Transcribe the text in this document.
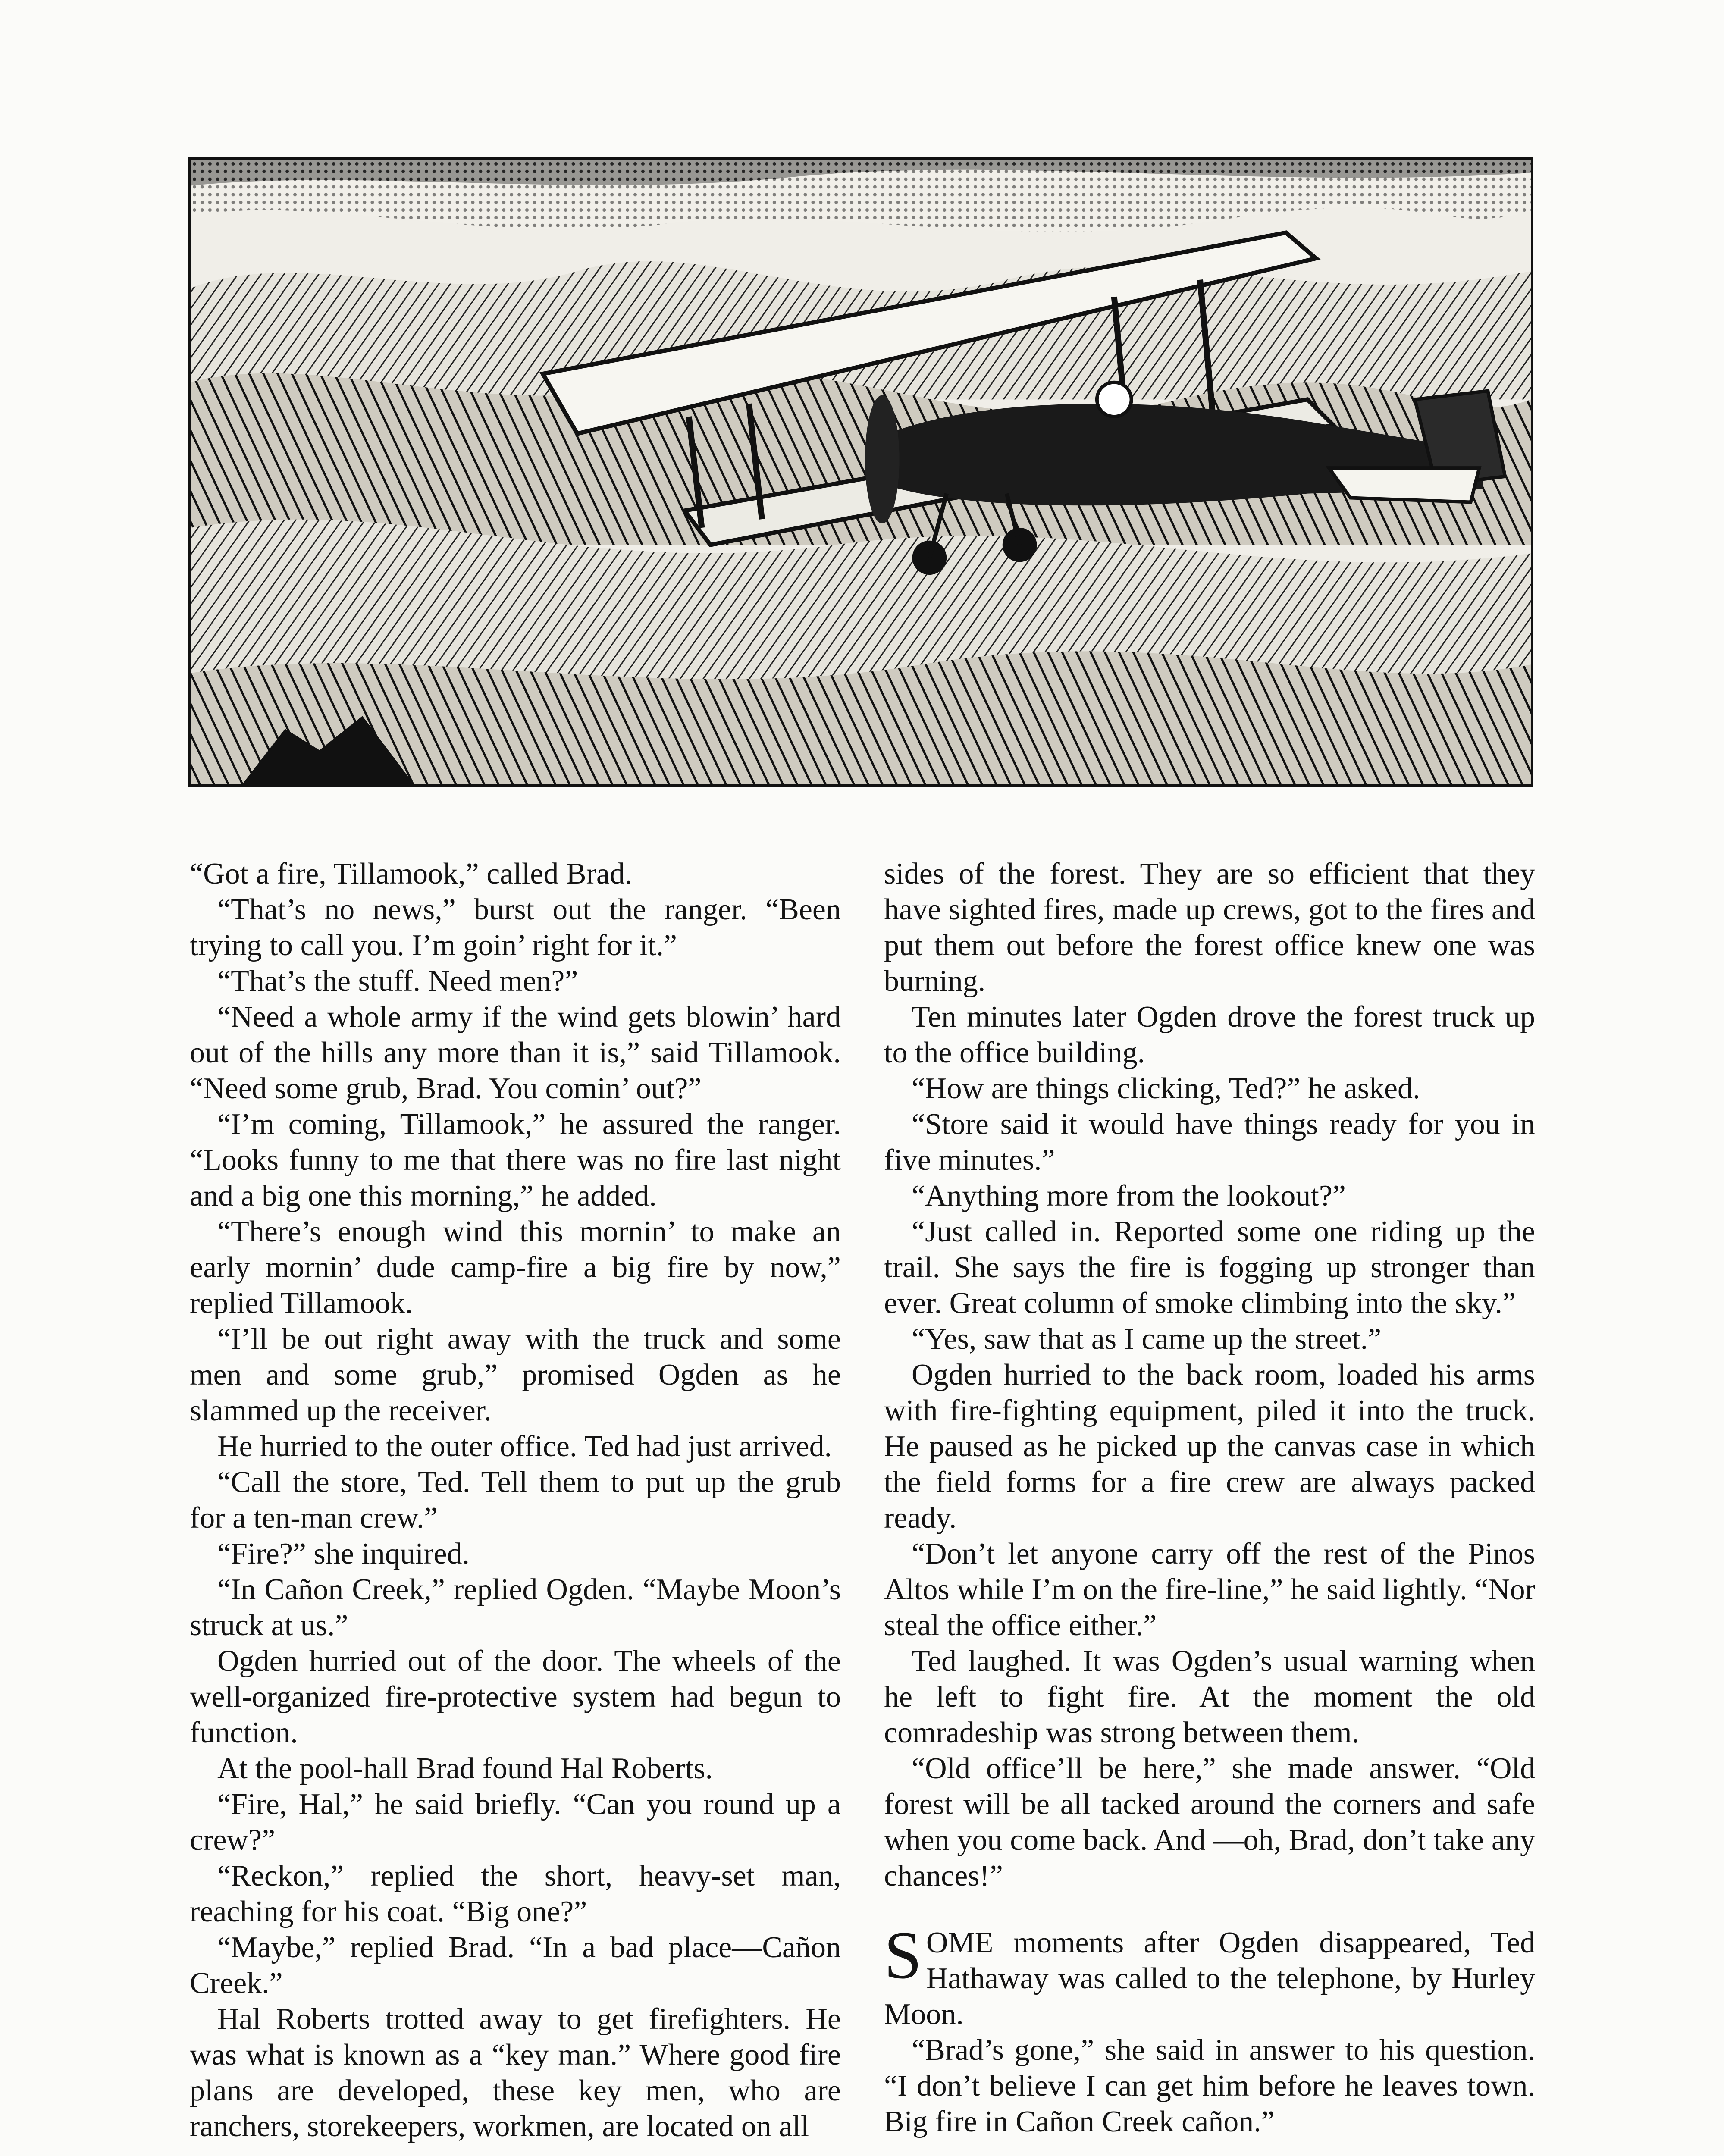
“Got a fire, Tillamook,” called Brad.

“That’s no news,” burst out the ranger. “Been trying to call you. I’m goin’ right for it.”

“That’s the stuff. Need men?”

“Need a whole army if the wind gets blowin’ hard out of the hills any more than it is,” said Tillamook. “Need some grub, Brad. You comin’ out?”

“I’m coming, Tillamook,” he assured the ranger. “Looks funny to me that there was no fire last night and a big one this morning,” he added.

“There’s enough wind this mornin’ to make an early mornin’ dude camp-fire a big fire by now,” replied Tillamook.

“I’ll be out right away with the truck and some men and some grub,” promised Ogden as he slammed up the receiver.

He hurried to the outer office. Ted had just arrived.

“Call the store, Ted. Tell them to put up the grub for a ten-man crew.”

“Fire?” she inquired.

“In Cañon Creek,” replied Ogden. “Maybe Moon’s struck at us.”

Ogden hurried out of the door. The wheels of the well-organized fire-protective system had begun to function.

At the pool-hall Brad found Hal Roberts.

“Fire, Hal,” he said briefly. “Can you round up a crew?”

“Reckon,” replied the short, heavy-set man, reaching for his coat. “Big one?”

“Maybe,” replied Brad. “In a bad place—Cañon Creek.”

Hal Roberts trotted away to get firefighters. He was what is known as a “key man.” Where good fire plans are developed, these key men, who are ranchers, storekeepers, workmen, are located on all

sides of the forest. They are so efficient that they have sighted fires, made up crews, got to the fires and put them out before the forest office knew one was burning.

Ten minutes later Ogden drove the forest truck up to the office building.

“How are things clicking, Ted?” he asked.

“Store said it would have things ready for you in five minutes.”

“Anything more from the lookout?”

“Just called in. Reported some one riding up the trail. She says the fire is fogging up stronger than ever. Great column of smoke climbing into the sky.”

“Yes, saw that as I came up the street.”

Ogden hurried to the back room, loaded his arms with fire-fighting equipment, piled it into the truck. He paused as he picked up the canvas case in which the field forms for a fire crew are always packed ready.

“Don’t let anyone carry off the rest of the Pinos Altos while I’m on the fire-line,” he said lightly. “Nor steal the office either.”

Ted laughed. It was Ogden’s usual warning when he left to fight fire. At the moment the old comradeship was strong between them.

“Old office’ll be here,” she made answer. “Old forest will be all tacked around the corners and safe when you come back. And —oh, Brad, don’t take any chances!”

SOME moments after Ogden disappeared, Ted Hathaway was called to the telephone, by Hurley Moon.

“Brad’s gone,” she said in answer to his question. “I don’t believe I can get him before he leaves town. Big fire in Cañon Creek cañon.”
